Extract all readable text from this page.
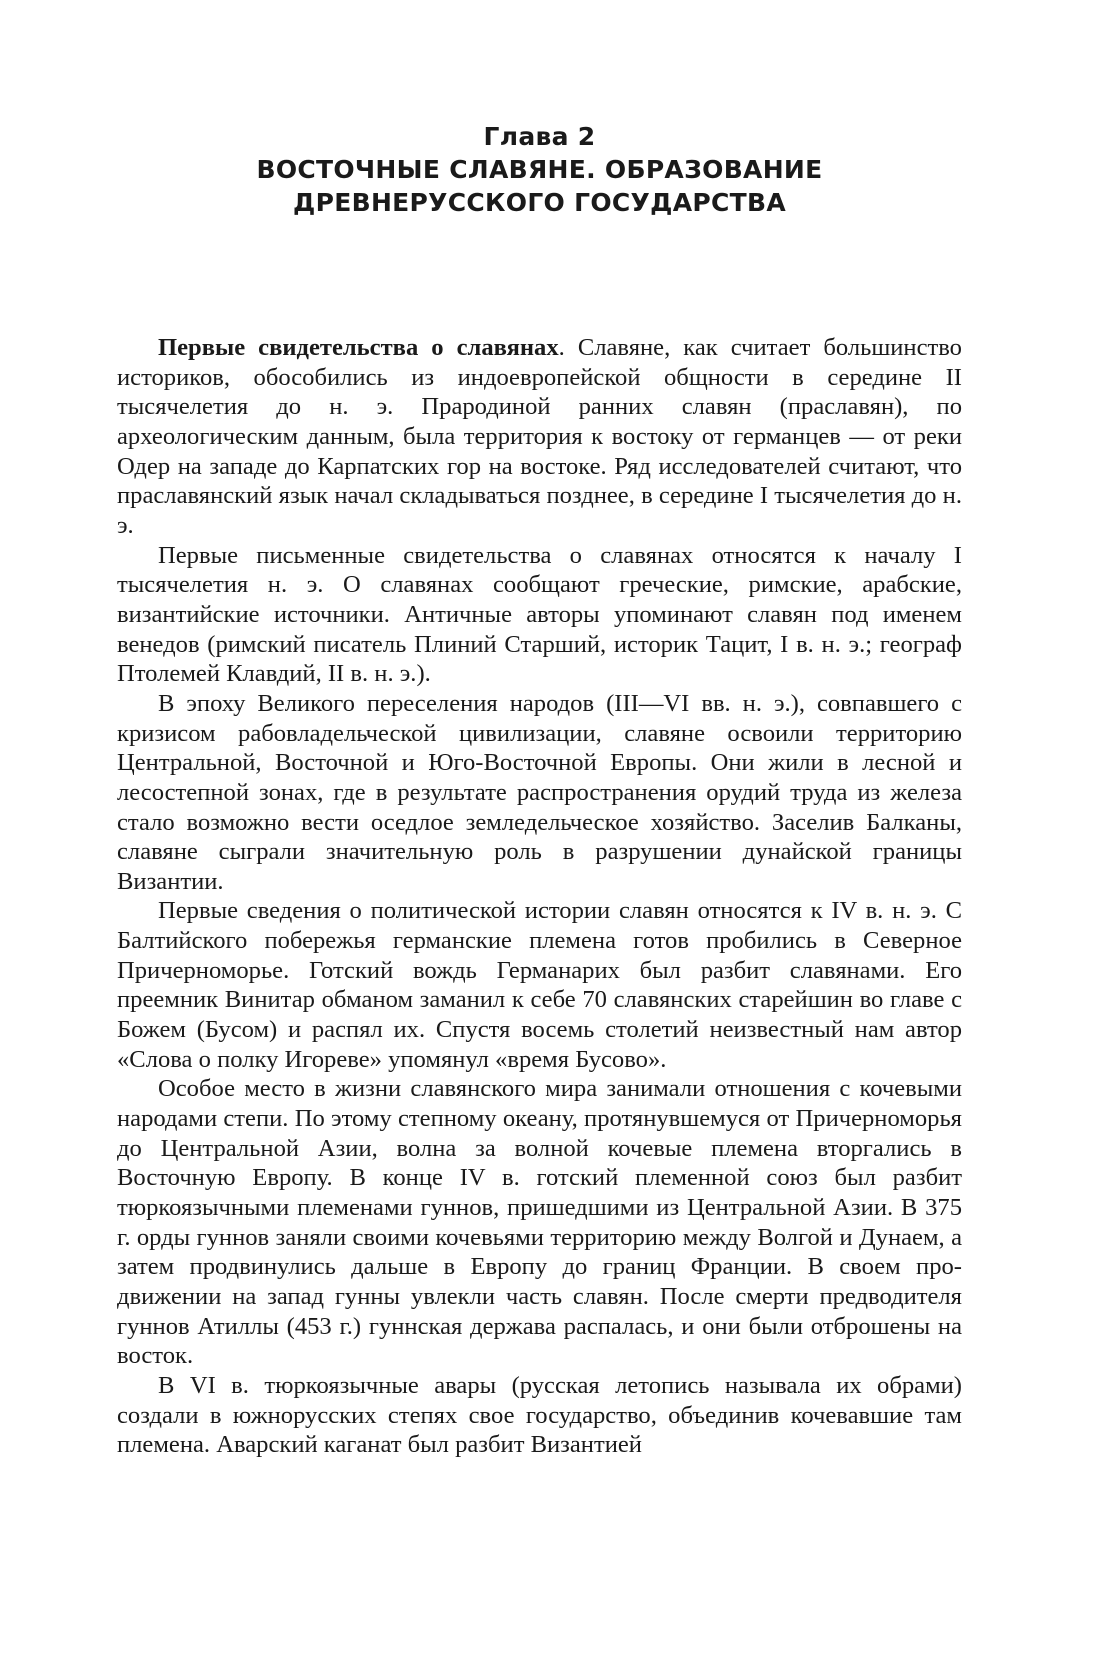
Глава 2
ВОСТОЧНЫЕ СЛАВЯНЕ. ОБРАЗОВАНИЕ
ДРЕВНЕРУССКОГО ГОСУДАРСТВА

Первые свидетельства о славянах. Славяне, как считает большинство историков, обособились из индоевропейской общности в середине II тысячелетия до н. э. Прародиной ранних славян (праславян), по археологическим данным, была территория к востоку от германцев — от реки Одер на западе до Карпатских гор на востоке. Ряд исследователей считают, что праславянский язык начал складываться позднее, в середине I тысячелетия до н. э.

Первые письменные свидетельства о славянах относятся к началу I тысячелетия н. э. О славянах сообщают греческие, римские, арабские, византийские источники. Античные авторы упоминают славян под именем венедов (римский писатель Плиний Старший, историк Тацит, I в. н. э.; географ Птолемей Клавдий, II в. н. э.).

В эпоху Великого переселения народов (III—VI вв. н. э.), совпавшего с кризисом рабовладельческой цивилизации, славяне освоили территорию Центральной, Восточной и Юго-Восточной Европы. Они жили в лесной и лесостепной зонах, где в результате распространения орудий труда из железа стало возможно вести оседлое земледельческое хозяйство. Заселив Балканы, славяне сыграли значительную роль в разрушении дунайской границы Византии.

Первые сведения о политической истории славян относятся к IV в. н. э. С Балтийского побережья германские племена готов пробились в Северное Причерноморье. Готский вождь Германарих был разбит славянами. Его преемник Винитар обманом заманил к себе 70 славянских старейшин во главе с Божем (Бусом) и распял их. Спустя восемь столетий неизвестный нам автор «Слова о полку Игореве» упомянул «время Бусово».

Особое место в жизни славянского мира занимали отношения с кочевыми народами степи. По этому степному океану, протянувшемуся от Причерноморья до Центральной Азии, волна за волной кочевые племена вторгались в Восточную Европу. В конце IV в. готский племенной союз был разбит тюркоязычными племенами гуннов, пришедшими из Центральной Азии. В 375 г. орды гуннов заняли своими кочевьями территорию между Волгой и Дунаем, а затем продвинулись дальше в Европу до границ Франции. В своем продвижении на запад гунны увлекли часть славян. После смерти предводителя гуннов Атиллы (453 г.) гуннская держава распалась, и они были отброшены на восток.

В VI в. тюркоязычные авары (русская летопись называла их обрами) создали в южнорусских степях свое государство, объединив кочевавшие там племена. Аварский каганат был разбит Византией
